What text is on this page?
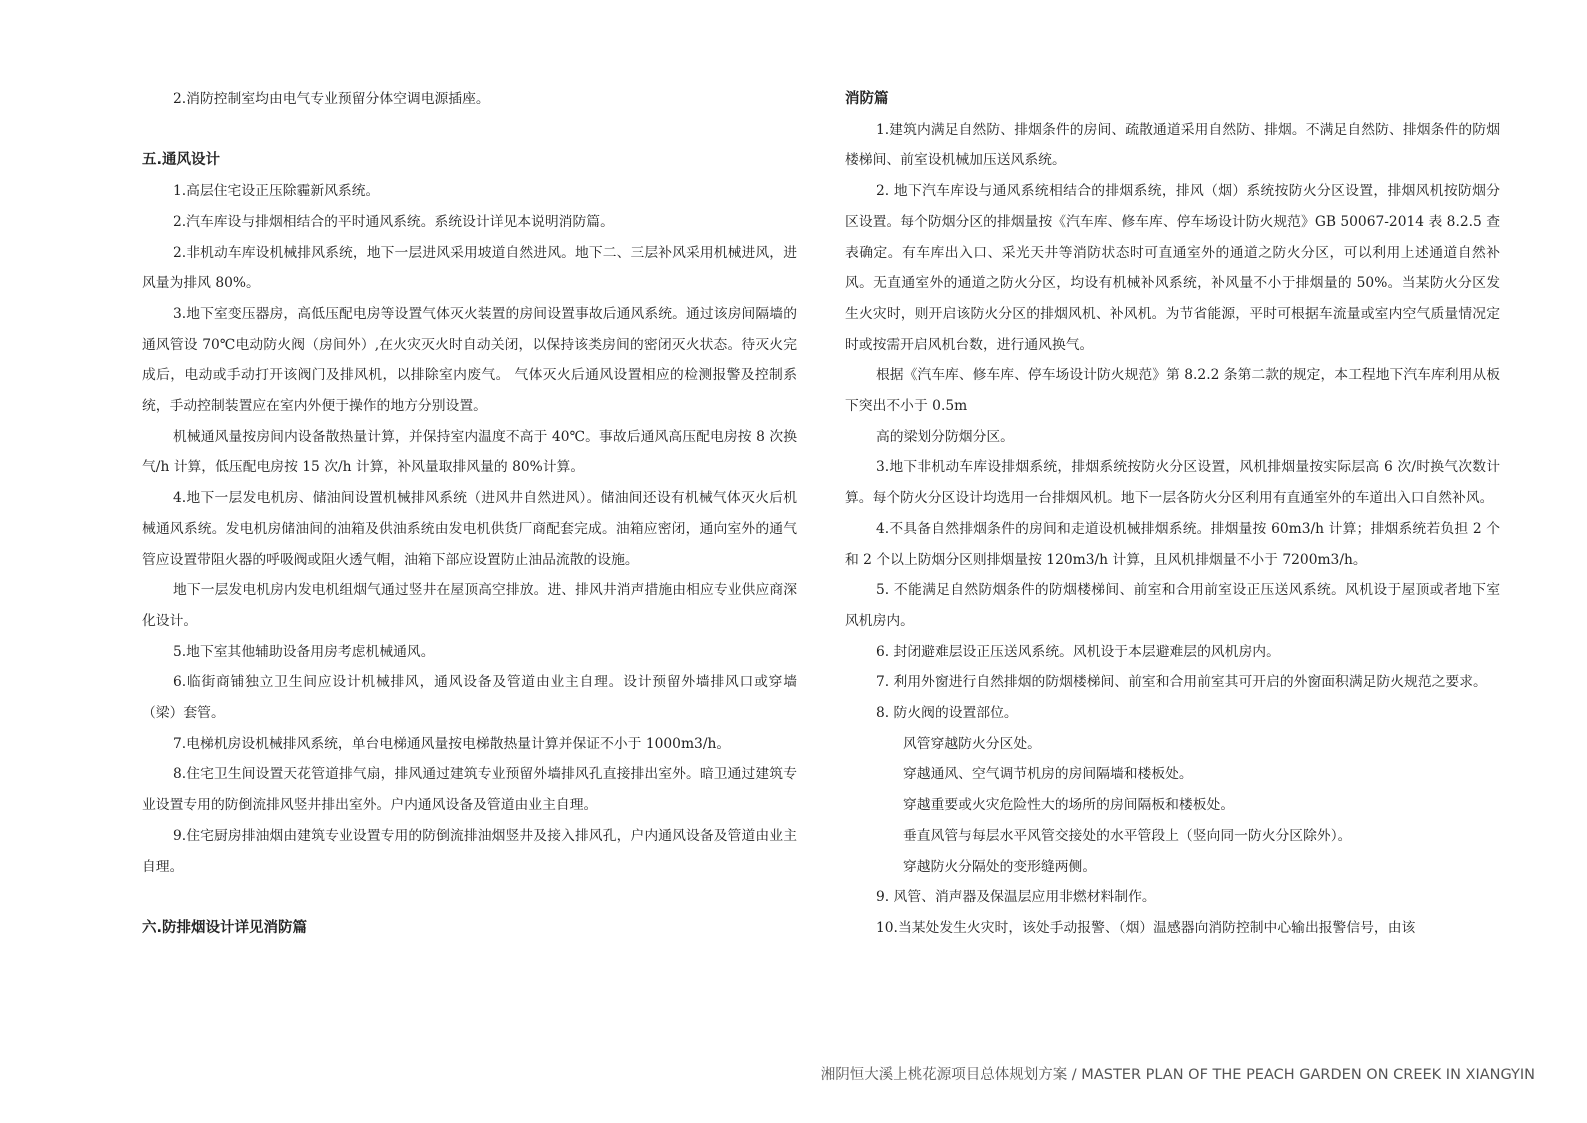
2.消防控制室均由电气专业预留分体空调电源插座。

五.通风设计

1.高层住宅设正压除霾新风系统。

2.汽车库设与排烟相结合的平时通风系统。系统设计详见本说明消防篇。

2.非机动车库设机械排风系统，地下一层进风采用坡道自然进风。地下二、三层补风采用机械进风，进风量为排风 80%。

3.地下室变压器房，高低压配电房等设置气体灭火装置的房间设置事故后通风系统。通过该房间隔墙的通风管设 70℃电动防火阀（房间外）,在火灾灭火时自动关闭，以保持该类房间的密闭灭火状态。待灭火完成后，电动或手动打开该阀门及排风机，以排除室内废气。 气体灭火后通风设置相应的检测报警及控制系统，手动控制装置应在室内外便于操作的地方分别设置。

机械通风量按房间内设备散热量计算，并保持室内温度不高于 40℃。事故后通风高压配电房按 8 次换气/h 计算，低压配电房按 15 次/h 计算，补风量取排风量的 80%计算。

4.地下一层发电机房、储油间设置机械排风系统（进风井自然进风）。储油间还设有机械气体灭火后机械通风系统。发电机房储油间的油箱及供油系统由发电机供货厂商配套完成。油箱应密闭，通向室外的通气管应设置带阻火器的呼吸阀或阻火透气帽，油箱下部应设置防止油品流散的设施。

地下一层发电机房内发电机组烟气通过竖井在屋顶高空排放。进、排风井消声措施由相应专业供应商深化设计。

5.地下室其他辅助设备用房考虑机械通风。

6.临街商铺独立卫生间应设计机械排风，通风设备及管道由业主自理。设计预留外墙排风口或穿墙（梁）套管。

7.电梯机房设机械排风系统，单台电梯通风量按电梯散热量计算并保证不小于 1000m3/h。

8.住宅卫生间设置天花管道排气扇，排风通过建筑专业预留外墙排风孔直接排出室外。暗卫通过建筑专业设置专用的防倒流排风竖井排出室外。户内通风设备及管道由业主自理。

9.住宅厨房排油烟由建筑专业设置专用的防倒流排油烟竖井及接入排风孔，户内通风设备及管道由业主自理。

六.防排烟设计详见消防篇
消防篇

1.建筑内满足自然防、排烟条件的房间、疏散通道采用自然防、排烟。不满足自然防、排烟条件的防烟楼梯间、前室设机械加压送风系统。

2. 地下汽车库设与通风系统相结合的排烟系统，排风（烟）系统按防火分区设置，排烟风机按防烟分区设置。每个防烟分区的排烟量按《汽车库、修车库、停车场设计防火规范》GB 50067-2014 表 8.2.5 查表确定。有车库出入口、采光天井等消防状态时可直通室外的通道之防火分区，可以利用上述通道自然补风。无直通室外的通道之防火分区，均设有机械补风系统，补风量不小于排烟量的 50%。当某防火分区发生火灾时，则开启该防火分区的排烟风机、补风机。为节省能源，平时可根据车流量或室内空气质量情况定时或按需开启风机台数，进行通风换气。

根据《汽车库、修车库、停车场设计防火规范》第 8.2.2 条第二款的规定，本工程地下汽车库利用从板下突出不小于 0.5m

高的梁划分防烟分区。

3.地下非机动车库设排烟系统，排烟系统按防火分区设置，风机排烟量按实际层高 6 次/时换气次数计算。每个防火分区设计均选用一台排烟风机。地下一层各防火分区利用有直通室外的车道出入口自然补风。

4.不具备自然排烟条件的房间和走道设机械排烟系统。排烟量按 60m3/h 计算；排烟系统若负担 2 个和 2 个以上防烟分区则排烟量按 120m3/h 计算，且风机排烟量不小于 7200m3/h。

5. 不能满足自然防烟条件的防烟楼梯间、前室和合用前室设正压送风系统。风机设于屋顶或者地下室风机房内。

6. 封闭避难层设正压送风系统。风机设于本层避难层的风机房内。

7. 利用外窗进行自然排烟的防烟楼梯间、前室和合用前室其可开启的外窗面积满足防火规范之要求。

8. 防火阀的设置部位。

风管穿越防火分区处。

穿越通风、空气调节机房的房间隔墙和楼板处。

穿越重要或火灾危险性大的场所的房间隔板和楼板处。

垂直风管与每层水平风管交接处的水平管段上（竖向同一防火分区除外）。

穿越防火分隔处的变形缝两侧。

9. 风管、消声器及保温层应用非燃材料制作。

10.当某处发生火灾时，该处手动报警、（烟）温感器向消防控制中心输出报警信号，由该

湘阴恒大溪上桃花源项目总体规划方案 / MASTER PLAN OF THE PEACH GARDEN ON CREEK IN XIANGYIN
